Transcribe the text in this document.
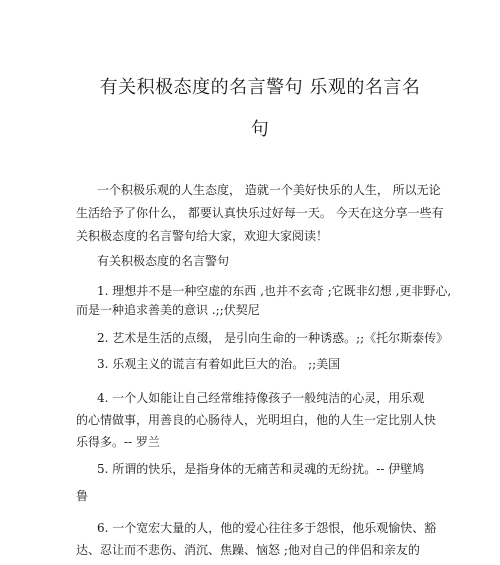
有关积极态度的名言警句 乐观的名言名
句

一个积极乐观的人生态度， 造就一个美好快乐的人生， 所以无论

生活给予了你什么， 都要认真快乐过好每一天。 今天在这分享一些有

关积极态度的名言警句给大家，欢迎大家阅读！

有关积极态度的名言警句

1. 理想并不是一种空虚的东西 ,也并不玄奇 ;它既非幻想 ,更非野心,

而是一种追求善美的意识 .;;伏契尼

2. 艺术是生活的点缀， 是引向生命的一种诱惑。;;《托尔斯泰传》

3. 乐观主义的谎言有着如此巨大的治。 ;;美国

4. 一个人如能让自己经常维持像孩子一般纯洁的心灵，用乐观

的心情做事，用善良的心肠待人，光明坦白，他的人生一定比别人快

乐得多。-- 罗兰

5. 所谓的快乐，是指身体的无痛苦和灵魂的无纷扰。-- 伊壁鸠

鲁

6. 一个宽宏大量的人，他的爱心往往多于怨恨，他乐观愉快、豁

达、忍让而不悲伤、消沉、焦躁、恼怒 ;他对自己的伴侣和亲友的
